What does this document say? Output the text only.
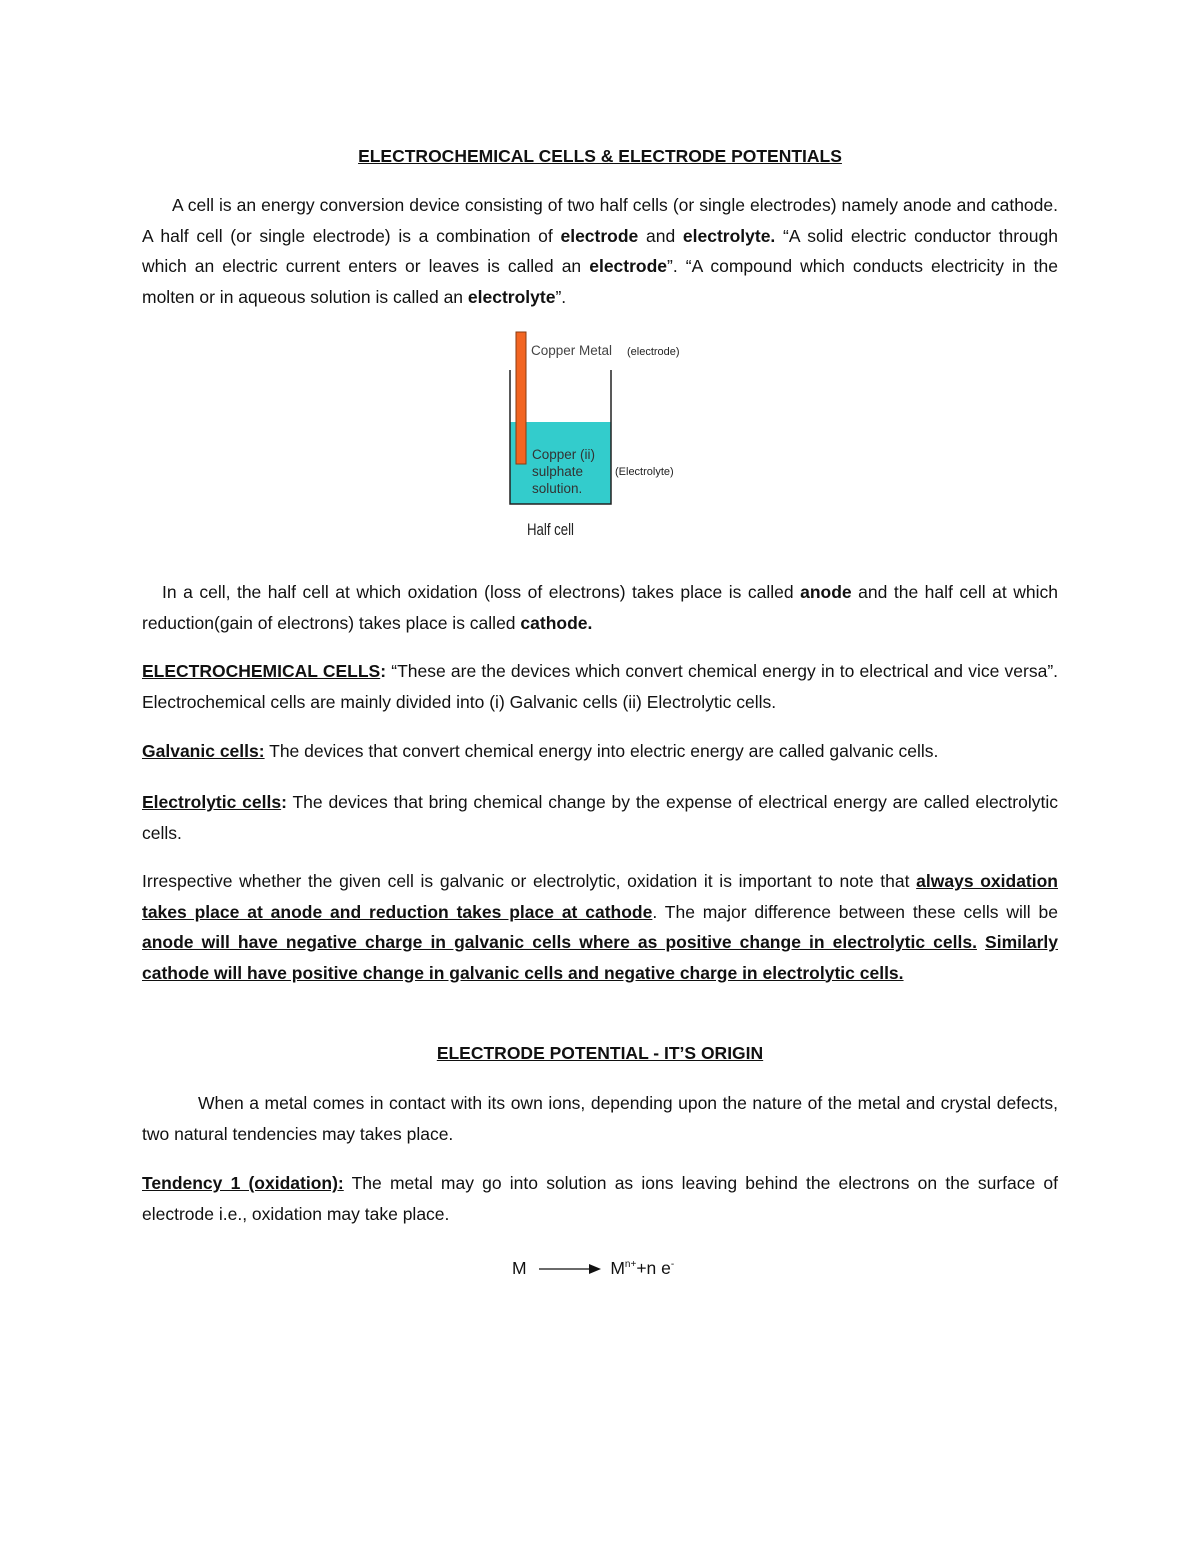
ELECTROCHEMICAL CELLS & ELECTRODE POTENTIALS

A cell is an energy conversion device consisting of two half cells (or single electrodes) namely anode and cathode. A half cell (or single electrode) is a combination of electrode and electrolyte. “A solid electric conductor through which an electric current enters or leaves is called an electrode”. “A compound which conducts electricity in the molten or in aqueous solution is called an electrolyte”.

Copper Metal (electrode)
Copper (ii)
sulphate
solution.
(Electrolyte)
Half cell

In a cell, the half cell at which oxidation (loss of electrons) takes place is called anode and the half cell at which reduction(gain of electrons) takes place is called cathode.

ELECTROCHEMICAL CELLS: “These are the devices which convert chemical energy in to electrical and vice versa”. Electrochemical cells are mainly divided into (i) Galvanic cells (ii) Electrolytic cells.

Galvanic cells: The devices that convert chemical energy into electric energy are called galvanic cells.

Electrolytic cells: The devices that bring chemical change by the expense of electrical energy are called electrolytic cells.

Irrespective whether the given cell is galvanic or electrolytic, oxidation it is important to note that always oxidation takes place at anode and reduction takes place at cathode. The major difference between these cells will be anode will have negative charge in galvanic cells where as positive change in electrolytic cells. Similarly cathode will have positive change in galvanic cells and negative charge in electrolytic cells.

ELECTRODE POTENTIAL - IT’S ORIGIN

When a metal comes in contact with its own ions, depending upon the nature of the metal and crystal defects, two natural tendencies may takes place.

Tendency 1 (oxidation): The metal may go into solution as ions leaving behind the electrons on the surface of electrode i.e., oxidation may take place.

$M \to M^{n+}+n$ e-
